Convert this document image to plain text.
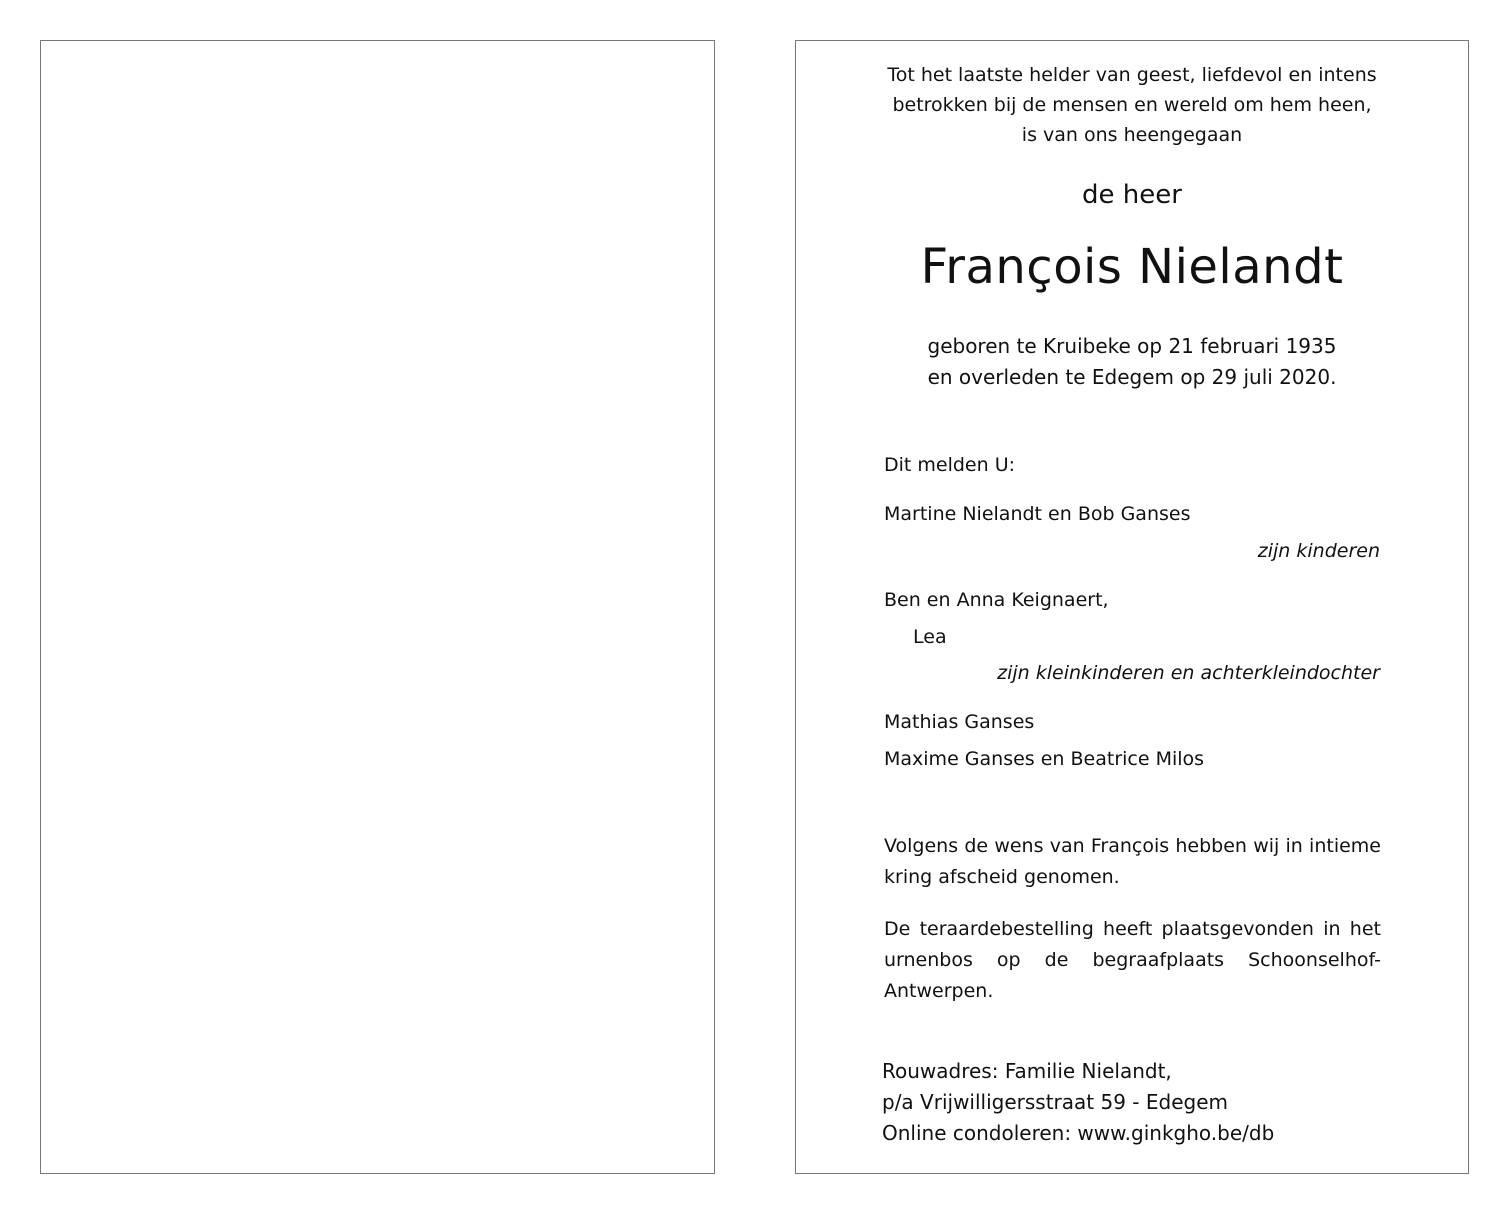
Tot het laatste helder van geest, liefdevol en intens
betrokken bij de mensen en wereld om hem heen,
is van ons heengegaan
de heer
François Nielandt
geboren te Kruibeke op 21 februari 1935
en overleden te Edegem op 29 juli 2020.
Dit melden U:
Martine Nielandt en Bob Ganses
zijn kinderen
Ben en Anna Keignaert,
Lea
zijn kleinkinderen en achterkleindochter
Mathias Ganses
Maxime Ganses en Beatrice Milos
Volgens de wens van François hebben wij in intieme kring afscheid genomen.
De teraardebestelling heeft plaatsgevonden in het urnenbos op de begraafplaats Schoonselhof-Antwerpen.
Rouwadres: Familie Nielandt,
p/a Vrijwilligersstraat 59 - Edegem
Online condoleren: www.ginkgho.be/db
